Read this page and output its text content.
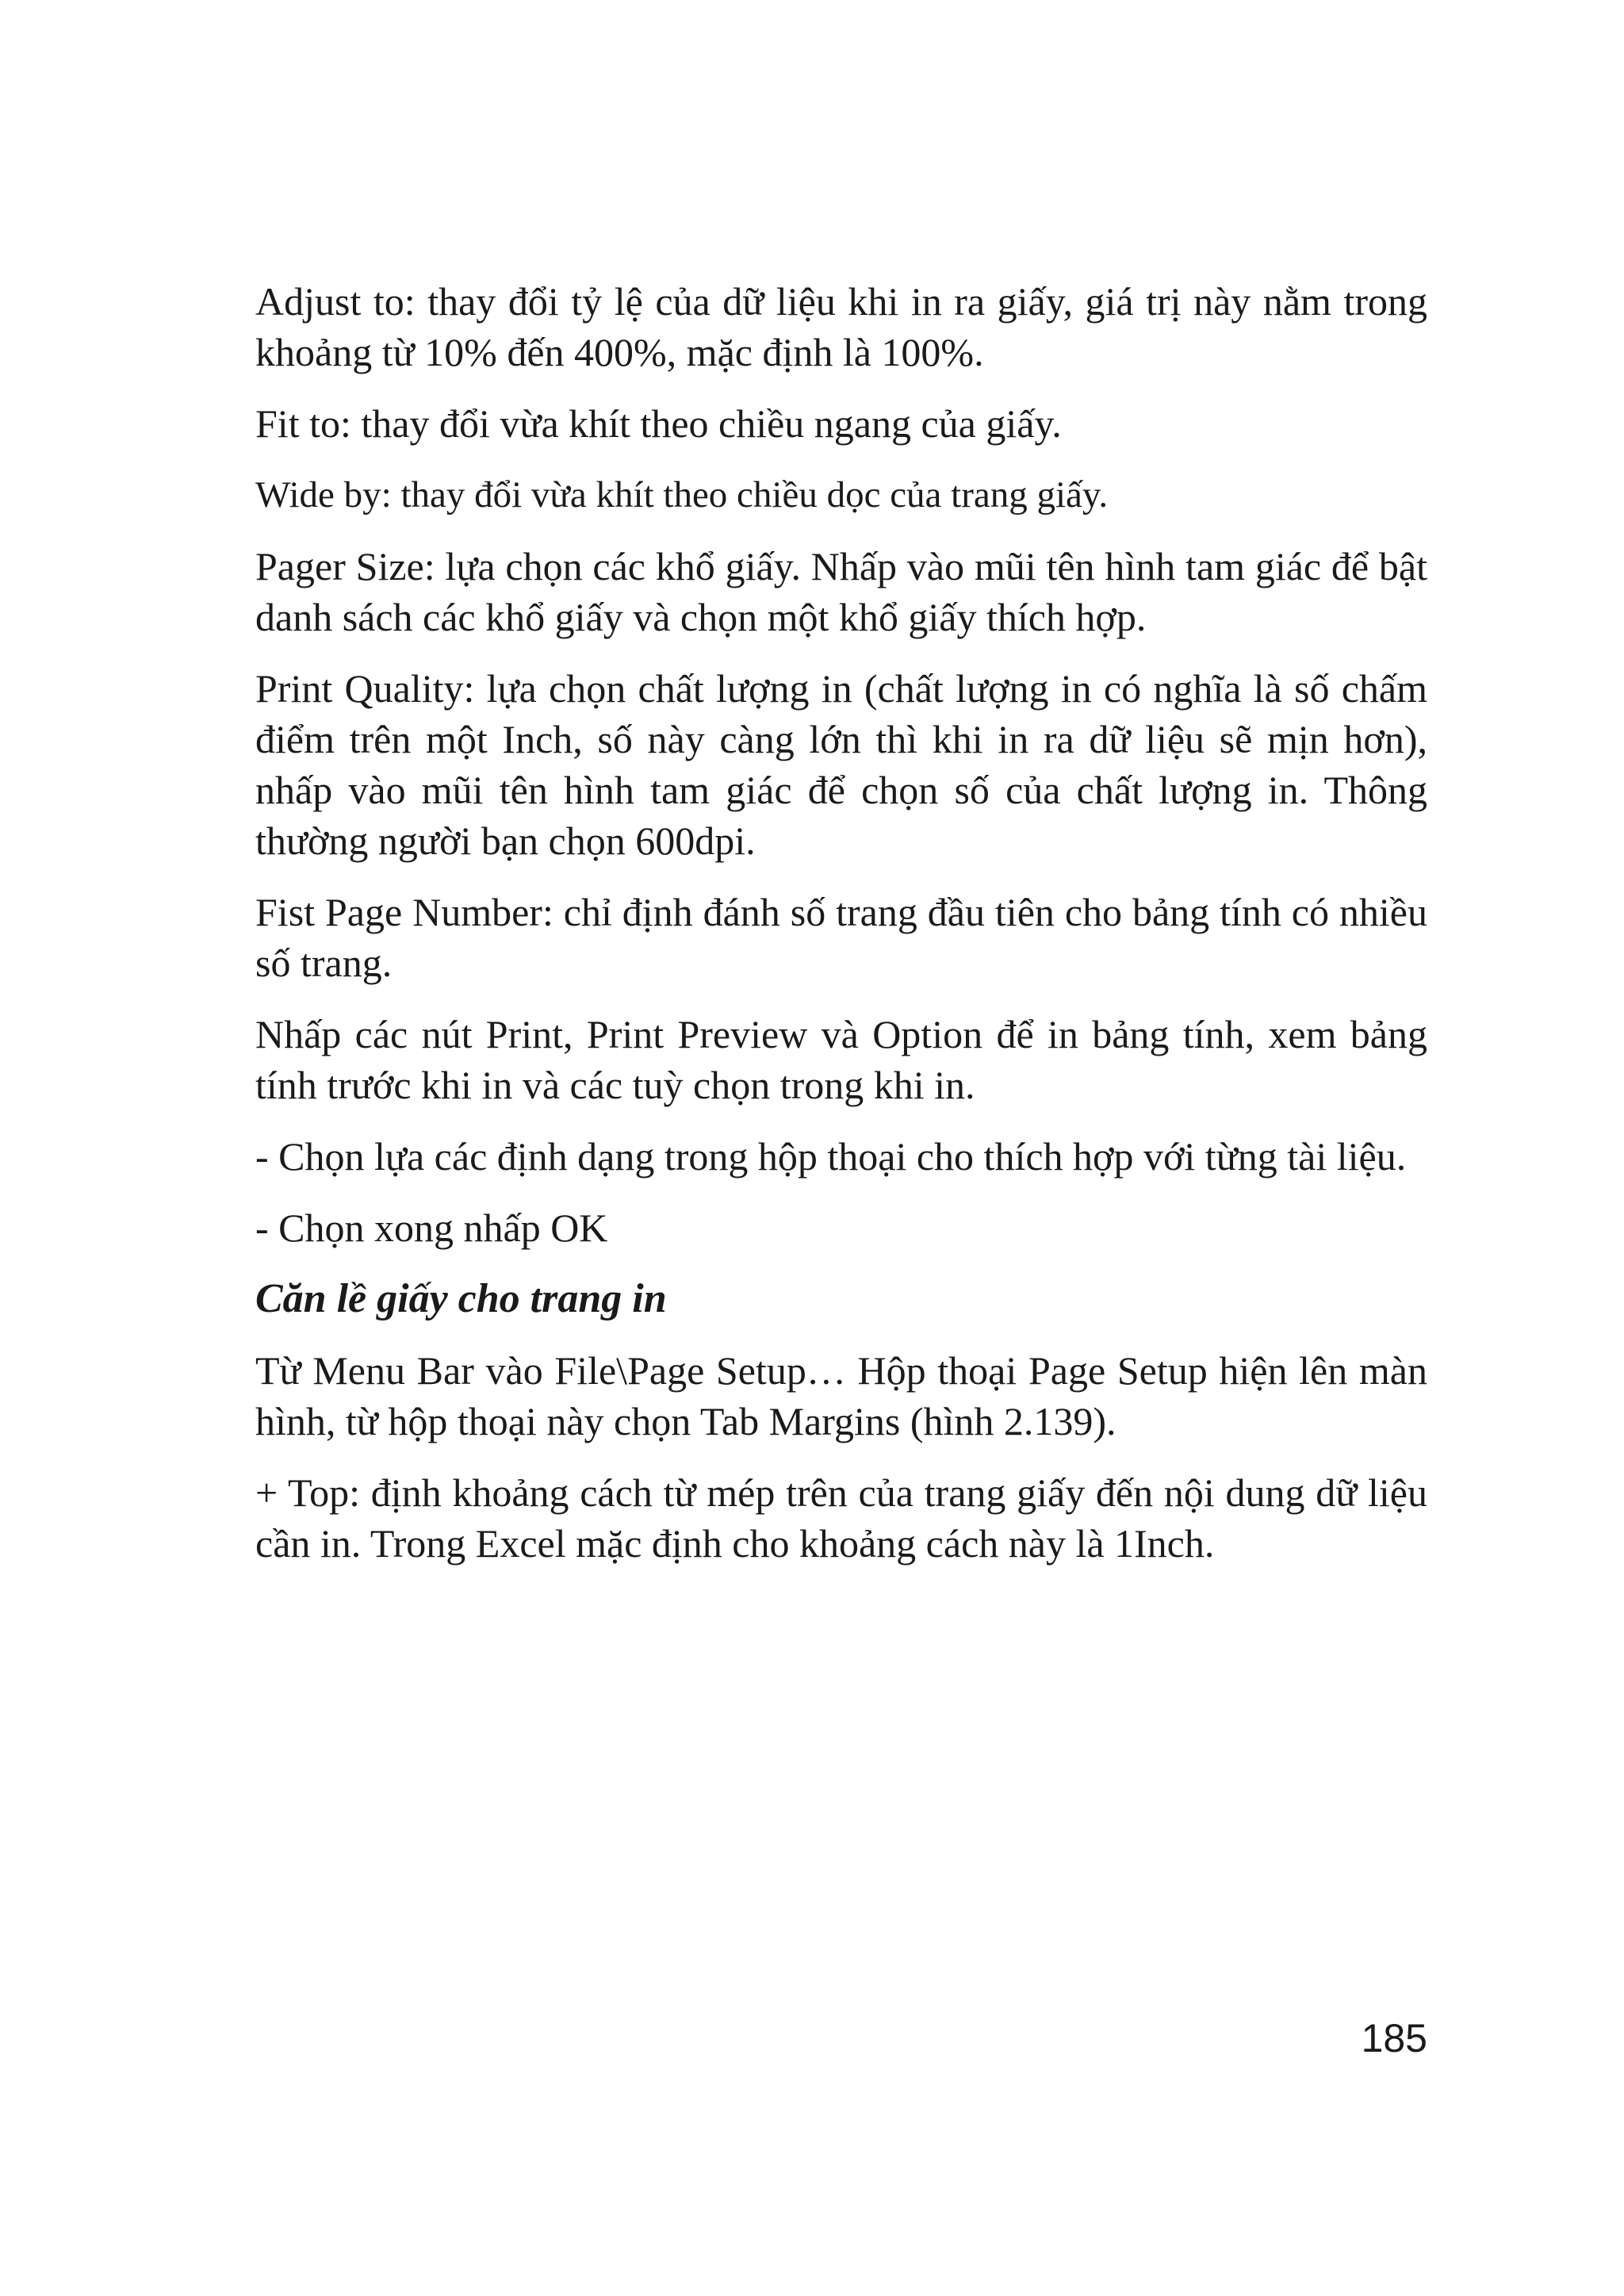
Adjust to: thay đổi tỷ lệ của dữ liệu khi in ra giấy, giá trị này nằm trong khoảng từ 10% đến 400%, mặc định là 100%.

Fit to: thay đổi vừa khít theo chiều ngang của giấy.

Wide by: thay đổi vừa khít theo chiều dọc của trang giấy.

Pager Size: lựa chọn các khổ giấy. Nhấp vào mũi tên hình tam giác để bật danh sách các khổ giấy và chọn một khổ giấy thích hợp.

Print Quality: lựa chọn chất lượng in (chất lượng in có nghĩa là số chấm điểm trên một Inch, số này càng lớn thì khi in ra dữ liệu sẽ mịn hơn), nhấp vào mũi tên hình tam giác để chọn số của chất lượng in. Thông thường người bạn chọn 600dpi.

Fist Page Number: chỉ định đánh số trang đầu tiên cho bảng tính có nhiều số trang.

Nhấp các nút Print, Print Preview và Option để in bảng tính, xem bảng tính trước khi in và các tuỳ chọn trong khi in.

- Chọn lựa các định dạng trong hộp thoại cho thích hợp với từng tài liệu.

- Chọn xong nhấp OK

Căn lề giấy cho trang in

Từ Menu Bar vào File\Page Setup… Hộp thoại Page Setup hiện lên màn hình, từ hộp thoại này chọn Tab Margins (hình 2.139).

+ Top: định khoảng cách từ mép trên của trang giấy đến nội dung dữ liệu cần in. Trong Excel mặc định cho khoảng cách này là 1Inch.

185
